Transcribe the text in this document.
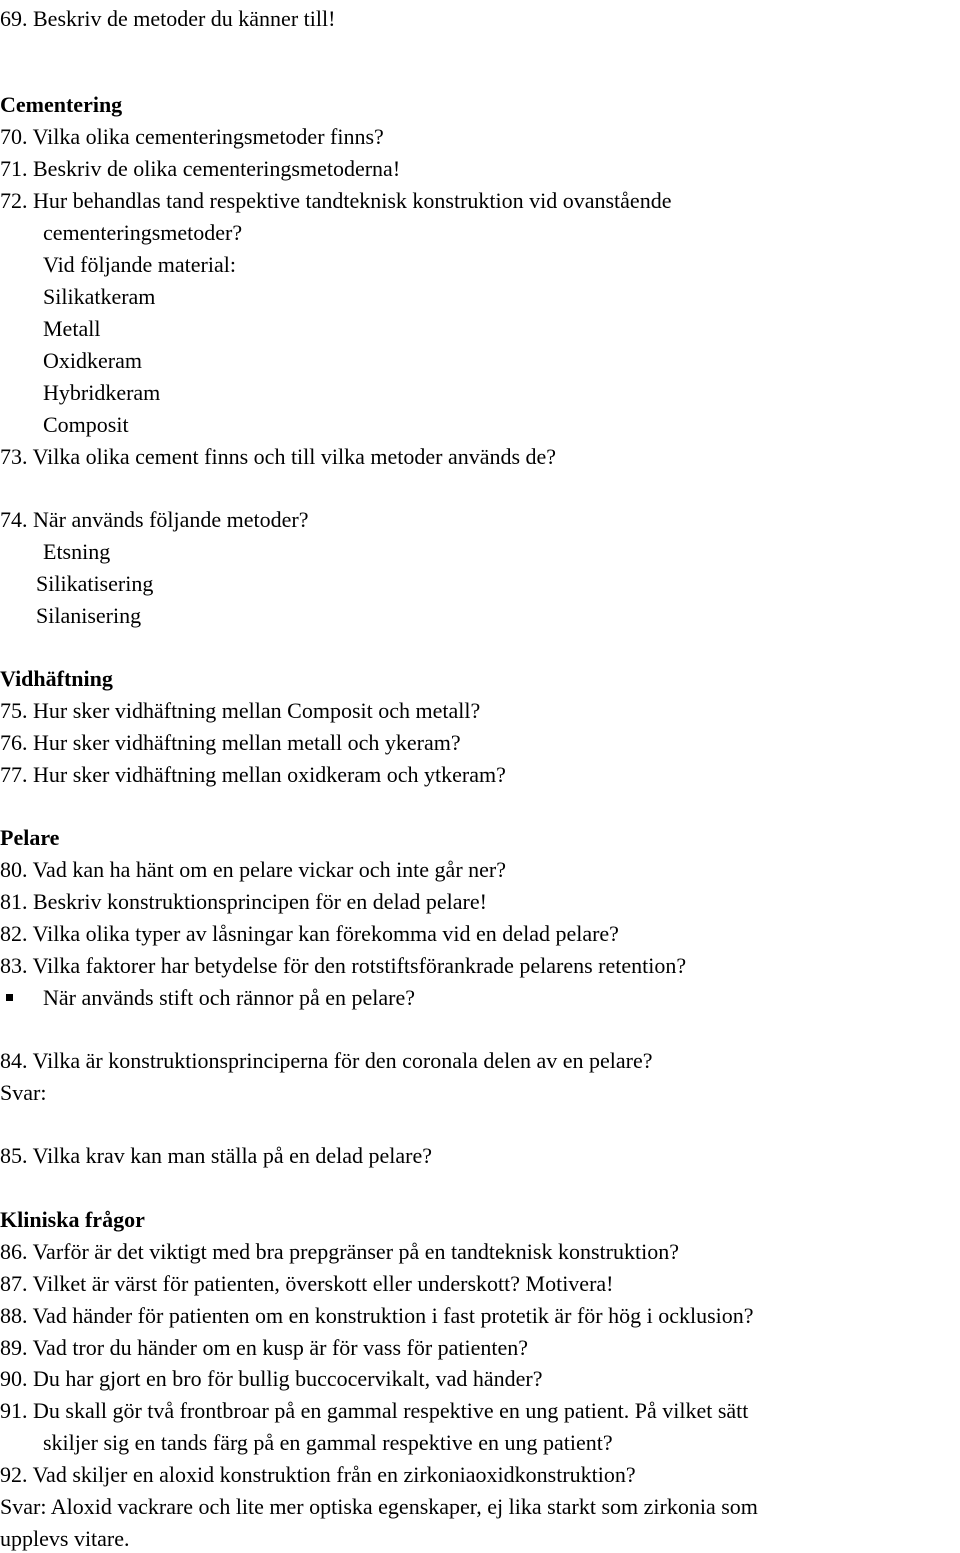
69. Beskriv de metoder du känner till!
Cementering
70. Vilka olika cementeringsmetoder finns?
71. Beskriv de olika cementeringsmetoderna!
72. Hur behandlas tand respektive tandteknisk konstruktion vid ovanstående
cementeringsmetoder?
Vid följande material:
Silikatkeram
Metall
Oxidkeram
Hybridkeram
Composit
73. Vilka olika cement finns och till vilka metoder används de?
74. När används följande metoder?
Etsning
Silikatisering
Silanisering
Vidhäftning
75. Hur sker vidhäftning mellan Composit och metall?
76. Hur sker vidhäftning mellan metall och ykeram?
77. Hur sker vidhäftning mellan oxidkeram och ytkeram?
Pelare
80. Vad kan ha hänt om en pelare vickar och inte går ner?
81. Beskriv konstruktionsprincipen för en delad pelare!
82. Vilka olika typer av låsningar kan förekomma vid en delad pelare?
83. Vilka faktorer har betydelse för den rotstiftsförankrade pelarens retention?
När används stift och rännor på en pelare?
84. Vilka är konstruktionsprinciperna för den coronala delen av en pelare?
Svar:
85. Vilka krav kan man ställa på en delad pelare?
Kliniska frågor
86. Varför är det viktigt med bra prepgränser på en tandteknisk konstruktion?
87. Vilket är värst för patienten, överskott eller underskott? Motivera!
88. Vad händer för patienten om en konstruktion i fast protetik är för hög i ocklusion?
89. Vad tror du händer om en kusp är för vass för patienten?
90. Du har gjort en bro för bullig buccocervikalt, vad händer?
91. Du skall gör två frontbroar på en gammal respektive en ung patient. På vilket sätt
skiljer sig en tands färg på en gammal respektive en ung patient?
92. Vad skiljer en aloxid konstruktion från en zirkoniaoxidkonstruktion?
Svar: Aloxid vackrare och lite mer optiska egenskaper, ej lika starkt som zirkonia som
upplevs vitare.
